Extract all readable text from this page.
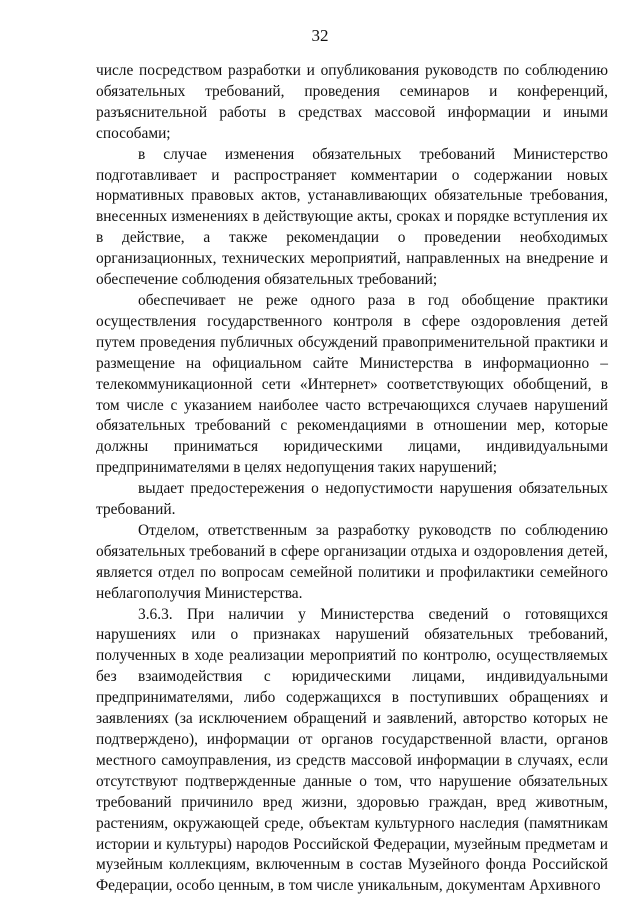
32

числе посредством разработки и опубликования руководств по соблюдению обязательных требований, проведения семинаров и конференций, разъяснительной работы в средствах массовой информации и иными способами;

в случае изменения обязательных требований Министерство подготавливает и распространяет комментарии о содержании новых нормативных правовых актов, устанавливающих обязательные требования, внесенных изменениях в действующие акты, сроках и порядке вступления их в действие, а также рекомендации о проведении необходимых организационных, технических мероприятий, направленных на внедрение и обеспечение соблюдения обязательных требований;

обеспечивает не реже одного раза в год обобщение практики осуществления государственного контроля в сфере оздоровления детей путем проведения публичных обсуждений правоприменительной практики и размещение на официальном сайте Министерства в информационно – телекоммуникационной сети «Интернет» соответствующих обобщений, в том числе с указанием наиболее часто встречающихся случаев нарушений обязательных требований с рекомендациями в отношении мер, которые должны приниматься юридическими лицами, индивидуальными предпринимателями в целях недопущения таких нарушений;

выдает предостережения о недопустимости нарушения обязательных требований.

Отделом, ответственным за разработку руководств по соблюдению обязательных требований в сфере организации отдыха и оздоровления детей, является отдел по вопросам семейной политики и профилактики семейного неблагополучия Министерства.

3.6.3. При наличии у Министерства сведений о готовящихся нарушениях или о признаках нарушений обязательных требований, полученных в ходе реализации мероприятий по контролю, осуществляемых без взаимодействия с юридическими лицами, индивидуальными предпринимателями, либо содержащихся в поступивших обращениях и заявлениях (за исключением обращений и заявлений, авторство которых не подтверждено), информации от органов государственной власти, органов местного самоуправления, из средств массовой информации в случаях, если отсутствуют подтвержденные данные о том, что нарушение обязательных требований причинило вред жизни, здоровью граждан, вред животным, растениям, окружающей среде, объектам культурного наследия (памятникам истории и культуры) народов Российской Федерации, музейным предметам и музейным коллекциям, включенным в состав Музейного фонда Российской Федерации, особо ценным, в том числе уникальным, документам Архивного
